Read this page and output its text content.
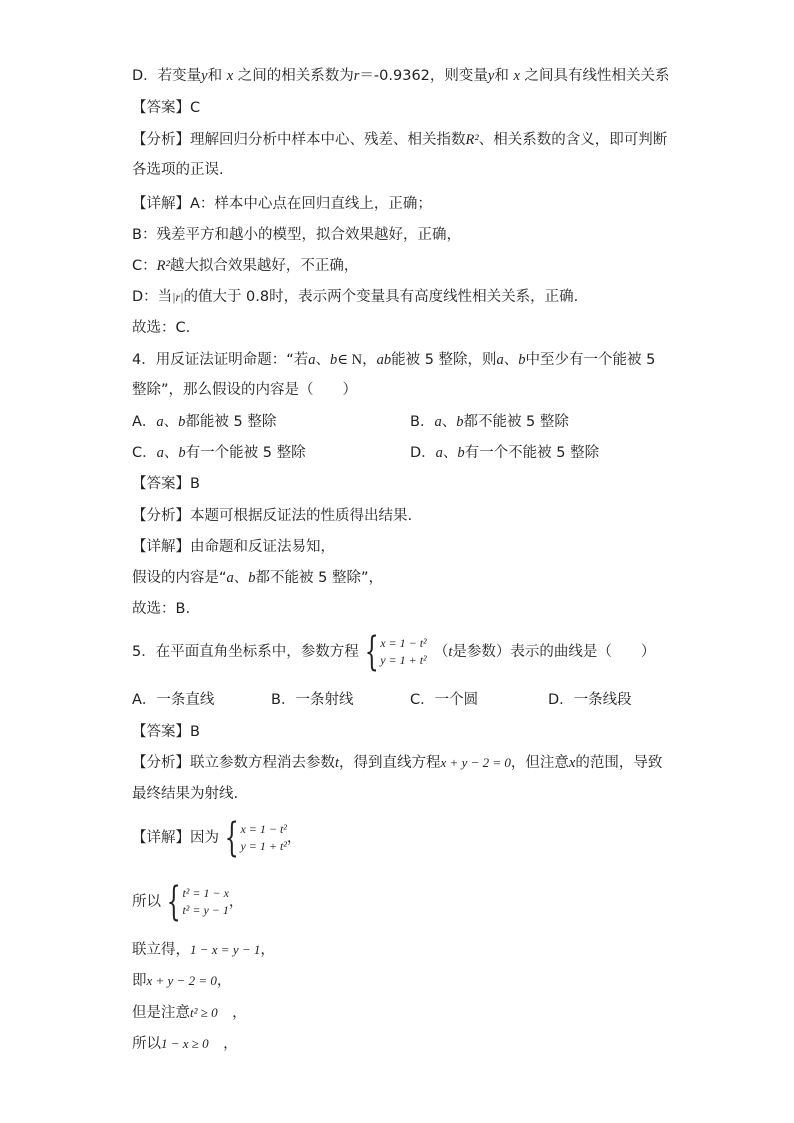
D．若变量y和 x 之间的相关系数为r＝-0.9362，则变量y和 x 之间具有线性相关关系
【答案】C
【分析】理解回归分析中样本中心、残差、相关指数R²、相关系数的含义，即可判断
各选项的正误.
【详解】A：样本中心点在回归直线上，正确；
B：残差平方和越小的模型，拟合效果越好，正确，
C：R²越大拟合效果越好，不正确，
D：当|r|的值大于 0.8时，表示两个变量具有高度线性相关关系，正确.
故选：C.
4．用反证法证明命题：“若a、b∈ N，ab能被 5 整除，则a、b中至少有一个能被 5
整除”，那么假设的内容是（　　）
A．a、b都能被 5 整除	B．a、b都不能被 5 整除
C．a、b有一个能被 5 整除	D．a、b有一个不能被 5 整除
【答案】B
【分析】本题可根据反证法的性质得出结果.
【详解】由命题和反证法易知，
假设的内容是“a、b都不能被 5 整除”，
故选：B.
5．在平面直角坐标系中，参数方程 { x = 1 − t²
y = 1 + t²
　 （t是参数）表示的曲线是（　　）
A．一条直线	B．一条射线	C．一个圆	D．一条线段
【答案】B
【分析】联立参数方程消去参数t，得到直线方程x + y − 2 = 0，但注意x的范围，导致
最终结果为射线.
【详解】因为 { x = 1 − t²
y = 1 + t² ，
所以 { t² = 1 − x
t² = y − 1 ，
联立得，1 − x = y − 1，
即x + y − 2 = 0，
但是注意t² ≥ 0　，
所以1 − x ≥ 0　，
